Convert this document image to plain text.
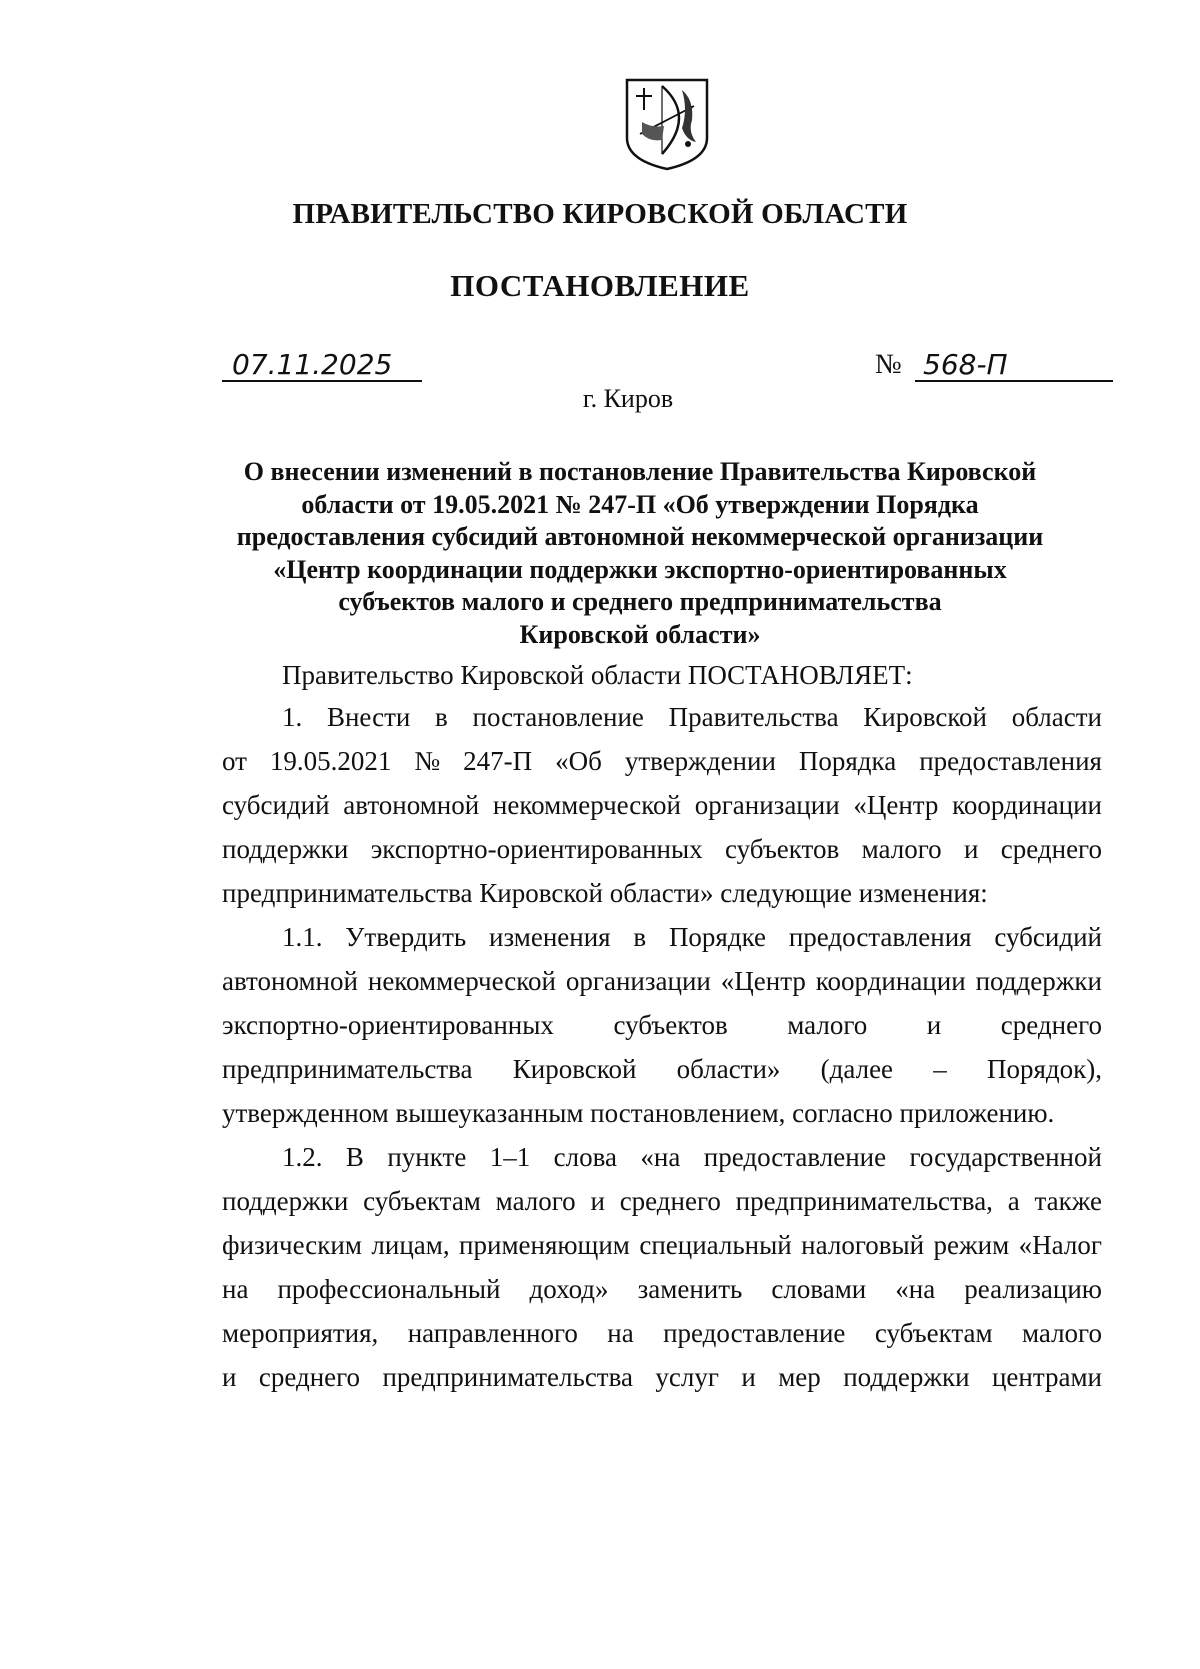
ПРАВИТЕЛЬСТВО КИРОВСКОЙ ОБЛАСТИ
ПОСТАНОВЛЕНИЕ
07.11.2025	№ 568-П
г. Киров
О внесении изменений в постановление Правительства Кировской
области от 19.05.2021 № 247-П «Об утверждении Порядка
предоставления субсидий автономной некоммерческой организации
«Центр координации поддержки экспортно-ориентированных
субъектов малого и среднего предпринимательства
Кировской области»
Правительство Кировской области ПОСТАНОВЛЯЕТ:
1. Внести в постановление Правительства Кировской области
от 19.05.2021 № 247-П «Об утверждении Порядка предоставления
субсидий автономной некоммерческой организации «Центр координации
поддержки экспортно-ориентированных субъектов малого и среднего
предпринимательства Кировской области» следующие изменения:
1.1. Утвердить изменения в Порядке предоставления субсидий
автономной некоммерческой организации «Центр координации поддержки
экспортно-ориентированных субъектов малого и среднего
предпринимательства Кировской области» (далее – Порядок),
утвержденном вышеуказанным постановлением, согласно приложению.
1.2. В пункте 1–1 слова «на предоставление государственной
поддержки субъектам малого и среднего предпринимательства, а также
физическим лицам, применяющим специальный налоговый режим «Налог
на профессиональный доход» заменить словами «на реализацию
мероприятия, направленного на предоставление субъектам малого
и среднего предпринимательства услуг и мер поддержки центрами
